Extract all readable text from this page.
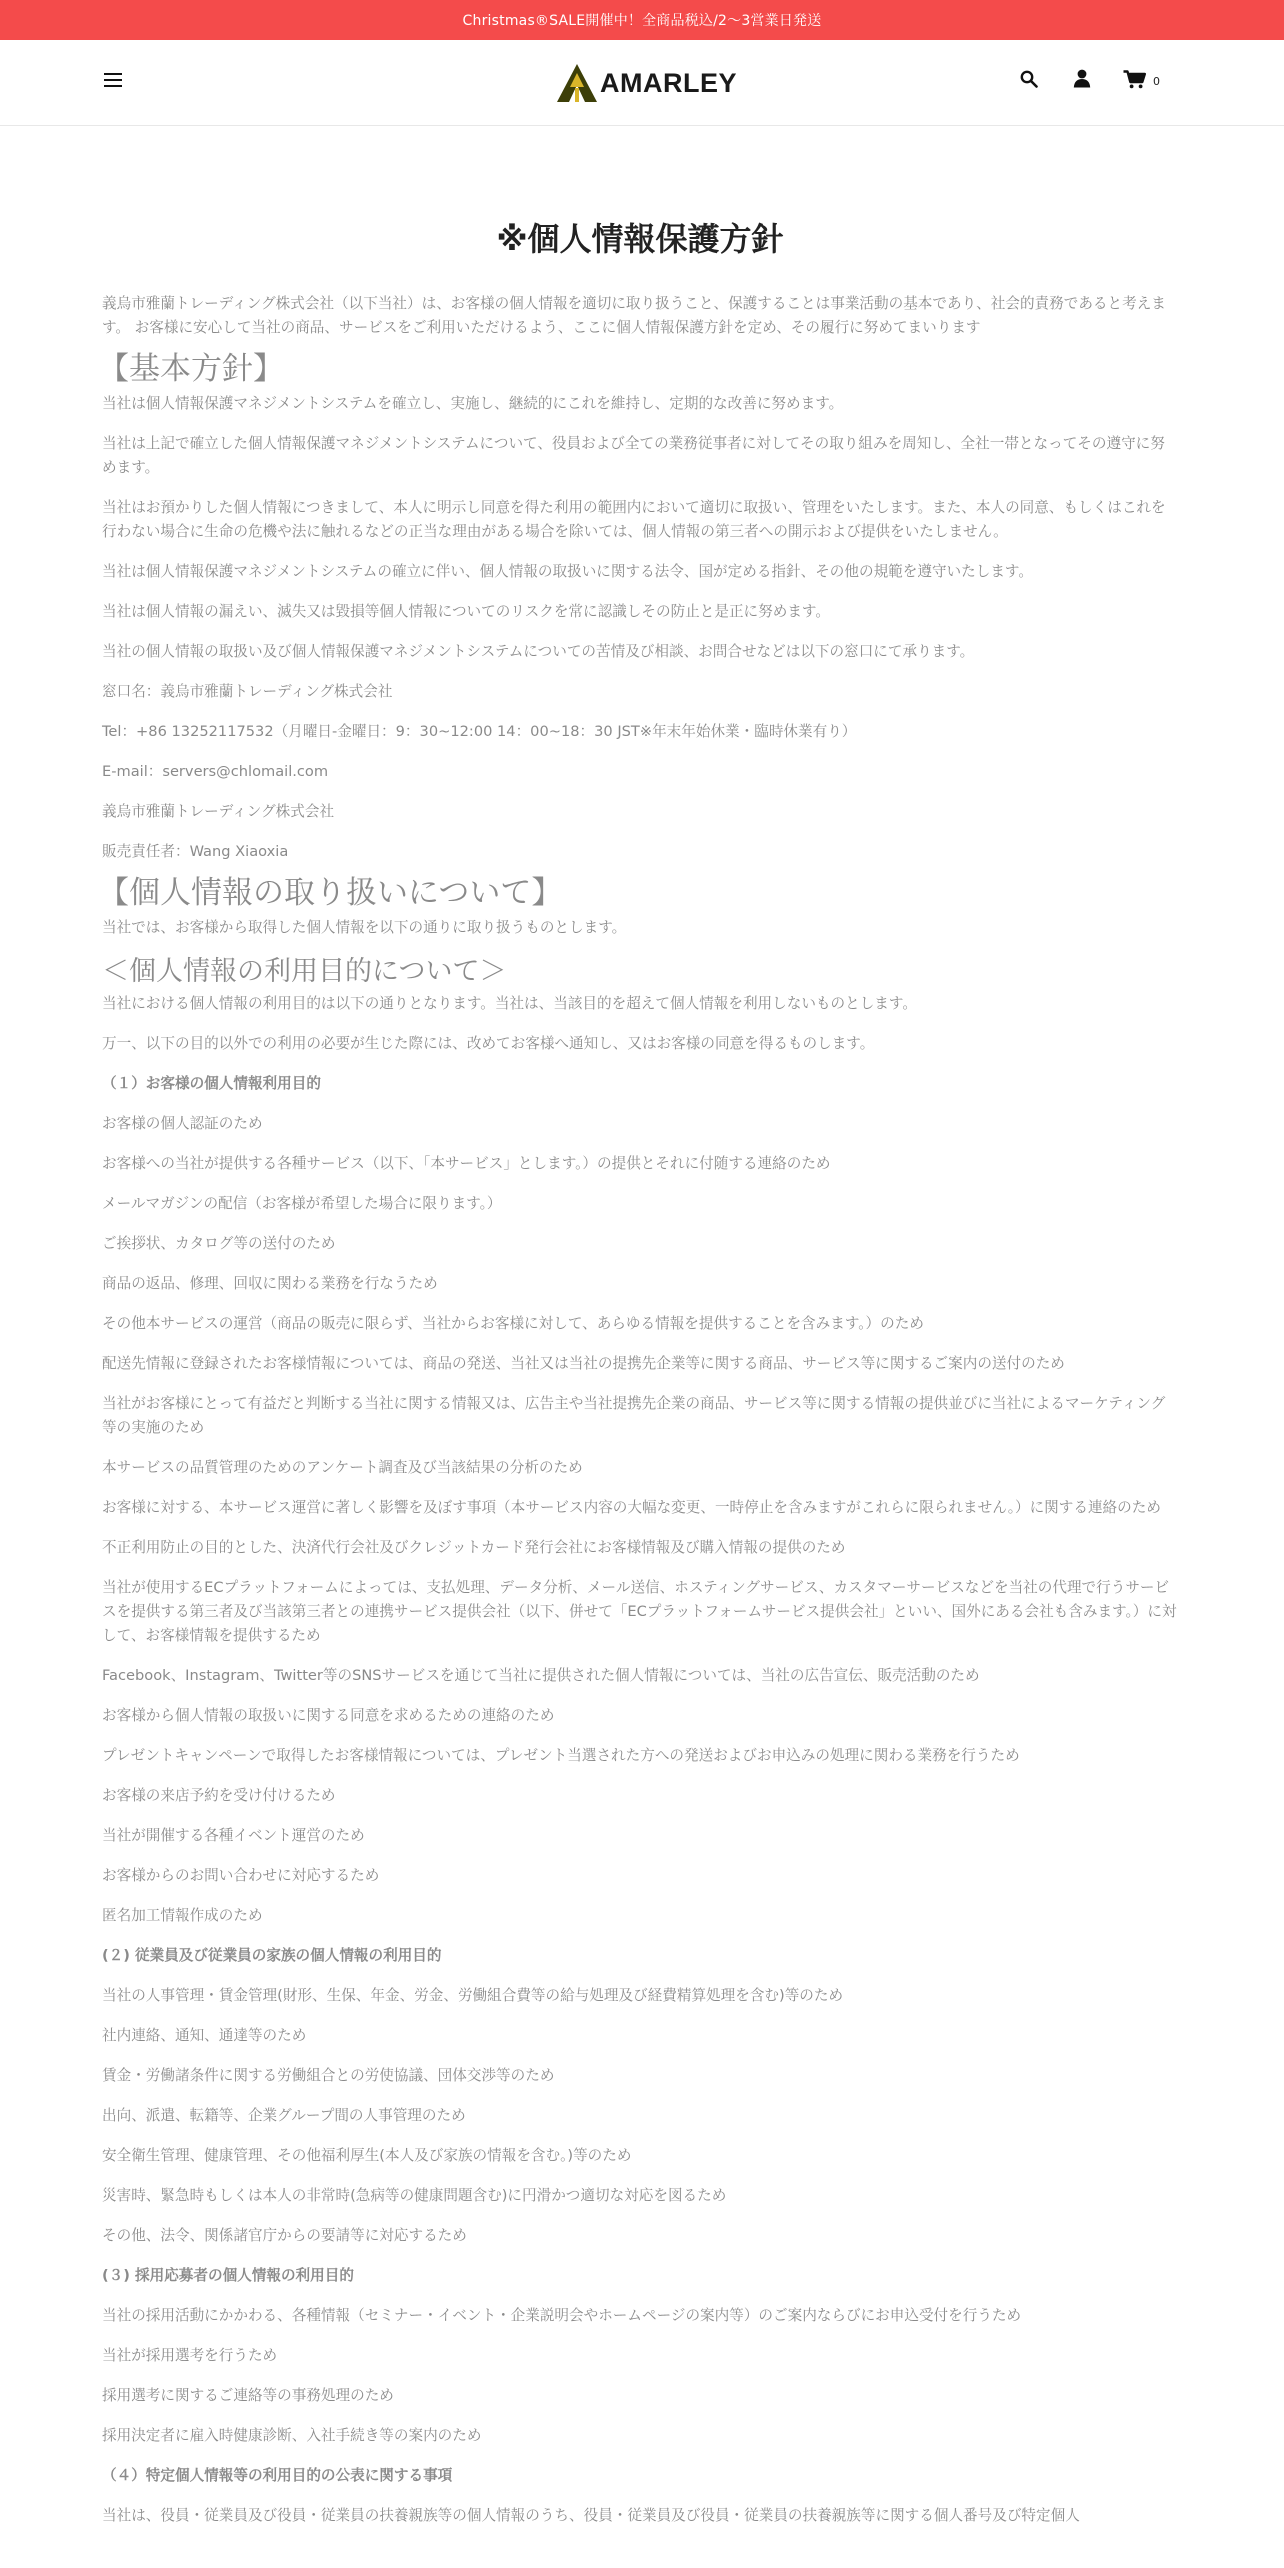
Christmas®SALE開催中！全商品税込/2〜3営業日発送
AMARLEY	0
※個人情報保護方針

義烏市雅蘭トレーディング株式会社（以下当社）は、お客様の個人情報を適切に取り扱うこと、保護することは事業活動の基本であり、社会的責務であると考えます。 お客様に安心して当社の商品、サービスをご利用いただけるよう、ここに個人情報保護方針を定め、その履行に努めてまいります

【基本方針】

当社は個人情報保護マネジメントシステムを確立し、実施し、継続的にこれを維持し、定期的な改善に努めます。

当社は上記で確立した個人情報保護マネジメントシステムについて、役員および全ての業務従事者に対してその取り組みを周知し、全社一帯となってその遵守に努めます。

当社はお預かりした個人情報につきまして、本人に明示し同意を得た利用の範囲内において適切に取扱い、管理をいたします。また、本人の同意、もしくはこれを行わない場合に生命の危機や法に触れるなどの正当な理由がある場合を除いては、個人情報の第三者への開示および提供をいたしません。

当社は個人情報保護マネジメントシステムの確立に伴い、個人情報の取扱いに関する法令、国が定める指針、その他の規範を遵守いたします。

当社は個人情報の漏えい、滅失又は毀損等個人情報についてのリスクを常に認識しその防止と是正に努めます。

当社の個人情報の取扱い及び個人情報保護マネジメントシステムについての苦情及び相談、お問合せなどは以下の窓口にて承ります。

窓口名：義烏市雅蘭トレーディング株式会社

Tel：+86 13252117532（月曜日-金曜日：9：30~12:00 14：00~18：30 JST※年末年始休業・臨時休業有り）

E-mail：servers@chlomail.com

義烏市雅蘭トレーディング株式会社

販売責任者：Wang Xiaoxia

【個人情報の取り扱いについて】

当社では、お客様から取得した個人情報を以下の通りに取り扱うものとします。

＜個人情報の利用目的について＞

当社における個人情報の利用目的は以下の通りとなります。当社は、当該目的を超えて個人情報を利用しないものとします。

万一、以下の目的以外での利用の必要が生じた際には、改めてお客様へ通知し、又はお客様の同意を得るものします。

（１）お客様の個人情報利用目的

お客様の個人認証のため

お客様への当社が提供する各種サービス（以下、「本サービス」とします。）の提供とそれに付随する連絡のため

メールマガジンの配信（お客様が希望した場合に限ります。）

ご挨拶状、カタログ等の送付のため

商品の返品、修理、回収に関わる業務を行なうため

その他本サービスの運営（商品の販売に限らず、当社からお客様に対して、あらゆる情報を提供することを含みます。）のため

配送先情報に登録されたお客様情報については、商品の発送、当社又は当社の提携先企業等に関する商品、サービス等に関するご案内の送付のため

当社がお客様にとって有益だと判断する当社に関する情報又は、広告主や当社提携先企業の商品、サービス等に関する情報の提供並びに当社によるマーケティング等の実施のため

本サービスの品質管理のためのアンケート調査及び当該結果の分析のため

お客様に対する、本サービス運営に著しく影響を及ぼす事項（本サービス内容の大幅な変更、一時停止を含みますがこれらに限られません。）に関する連絡のため

不正利用防止の目的とした、決済代行会社及びクレジットカード発行会社にお客様情報及び購入情報の提供のため

当社が使用するECプラットフォームによっては、支払処理、データ分析、メール送信、ホスティングサービス、カスタマーサービスなどを当社の代理で行うサービスを提供する第三者及び当該第三者との連携サービス提供会社（以下、併せて「ECプラットフォームサービス提供会社」といい、国外にある会社も含みます。）に対して、お客様情報を提供するため

Facebook、Instagram、Twitter等のSNSサービスを通じて当社に提供された個人情報については、当社の広告宣伝、販売活動のため

お客様から個人情報の取扱いに関する同意を求めるための連絡のため

プレゼントキャンペーンで取得したお客様情報については、プレゼント当選された方への発送およびお申込みの処理に関わる業務を行うため

お客様の来店予約を受け付けるため

当社が開催する各種イベント運営のため

お客様からのお問い合わせに対応するため

匿名加工情報作成のため

(２) 従業員及び従業員の家族の個人情報の利用目的

当社の人事管理・賃金管理(財形、生保、年金、労金、労働組合費等の給与処理及び経費精算処理を含む)等のため

社内連絡、通知、通達等のため

賃金・労働諸条件に関する労働組合との労使協議、団体交渉等のため

出向、派遣、転籍等、企業グループ間の人事管理のため

安全衛生管理、健康管理、その他福利厚生(本人及び家族の情報を含む。)等のため

災害時、緊急時もしくは本人の非常時(急病等の健康問題含む)に円滑かつ適切な対応を図るため

その他、法令、関係諸官庁からの要請等に対応するため

(３) 採用応募者の個人情報の利用目的

当社の採用活動にかかわる、各種情報（セミナー・イベント・企業説明会やホームページの案内等）のご案内ならびにお申込受付を行うため

当社が採用選考を行うため

採用選考に関するご連絡等の事務処理のため

採用決定者に雇入時健康診断、入社手続き等の案内のため

（４）特定個人情報等の利用目的の公表に関する事項

当社は、役員・従業員及び役員・従業員の扶養親族等の個人情報のうち、役員・従業員及び役員・従業員の扶養親族等に関する個人番号及び特定個人
